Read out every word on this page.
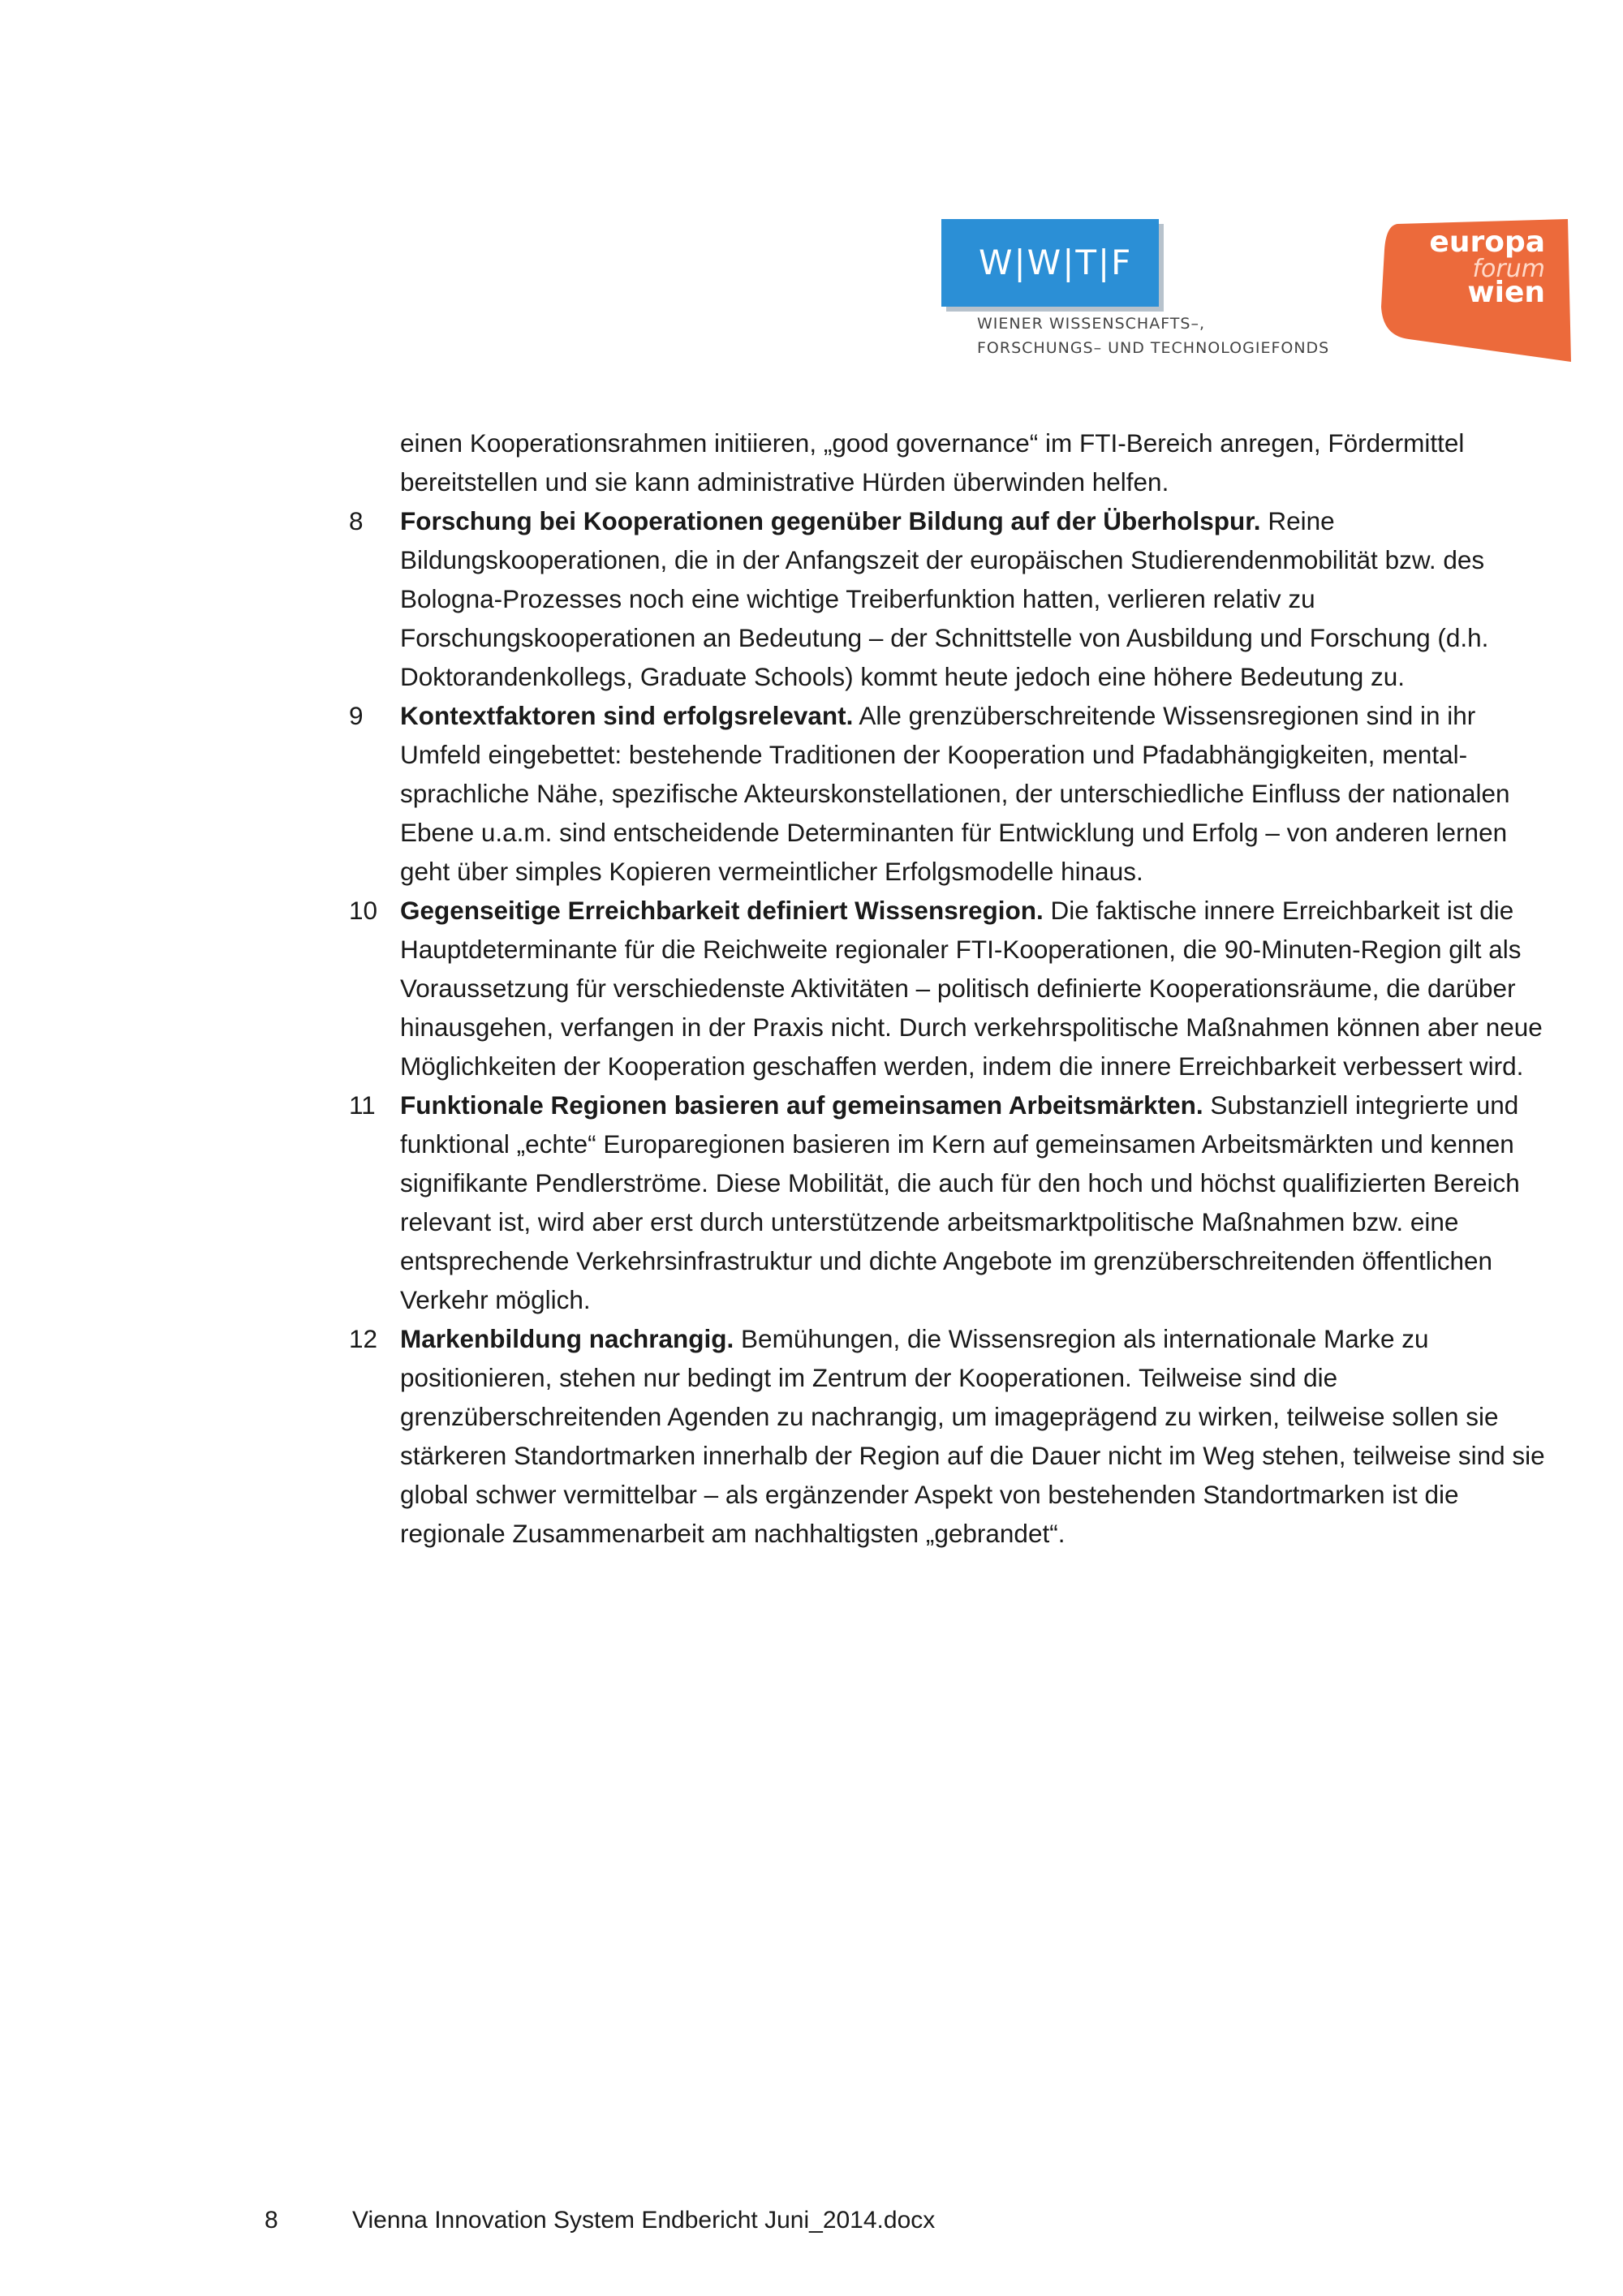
W|W|T|F
WIENER WISSENSCHAFTS–,
FORSCHUNGS– UND TECHNOLOGIEFONDS
europa
forum
wien

einen Kooperationsrahmen initiieren, „good governance“ im FTI-Bereich anregen, Fördermittel bereitstellen und sie kann administrative Hürden überwinden helfen.

8 Forschung bei Kooperationen gegenüber Bildung auf der Überholspur. Reine Bildungskooperationen, die in der Anfangszeit der europäischen Studierendenmobilität bzw. des Bologna-Prozesses noch eine wichtige Treiberfunktion hatten, verlieren relativ zu Forschungskooperationen an Bedeutung – der Schnittstelle von Ausbildung und Forschung (d.h. Doktorandenkollegs, Graduate Schools) kommt heute jedoch eine höhere Bedeutung zu.
9 Kontextfaktoren sind erfolgsrelevant. Alle grenzüberschreitende Wissensregionen sind in ihr Umfeld eingebettet: bestehende Traditionen der Kooperation und Pfadabhängigkeiten, mental-sprachliche Nähe, spezifische Akteurskonstellationen, der unterschiedliche Einfluss der nationalen Ebene u.a.m. sind entscheidende Determinanten für Entwicklung und Erfolg – von anderen lernen geht über simples Kopieren vermeintlicher Erfolgsmodelle hinaus.
10 Gegenseitige Erreichbarkeit definiert Wissensregion. Die faktische innere Erreichbarkeit ist die Hauptdeterminante für die Reichweite regionaler FTI-Kooperationen, die 90-Minuten-Region gilt als Voraussetzung für verschiedenste Aktivitäten – politisch definierte Kooperationsräume, die darüber hinausgehen, verfangen in der Praxis nicht. Durch verkehrspolitische Maßnahmen können aber neue Möglichkeiten der Kooperation geschaffen werden, indem die innere Erreichbarkeit verbessert wird.
11 Funktionale Regionen basieren auf gemeinsamen Arbeitsmärkten. Substanziell integrierte und funktional „echte“ Europaregionen basieren im Kern auf gemeinsamen Arbeitsmärkten und kennen signifikante Pendlerströme. Diese Mobilität, die auch für den hoch und höchst qualifizierten Bereich relevant ist, wird aber erst durch unterstützende arbeitsmarktpolitische Maßnahmen bzw. eine entsprechende Verkehrsinfrastruktur und dichte Angebote im grenzüberschreitenden öffentlichen Verkehr möglich.
12 Markenbildung nachrangig. Bemühungen, die Wissensregion als internationale Marke zu positionieren, stehen nur bedingt im Zentrum der Kooperationen. Teilweise sind die grenzüberschreitenden Agenden zu nachrangig, um imageprägend zu wirken, teilweise sollen sie stärkeren Standortmarken innerhalb der Region auf die Dauer nicht im Weg stehen, teilweise sind sie global schwer vermittelbar – als ergänzender Aspekt von bestehenden Standortmarken ist die regionale Zusammenarbeit am nachhaltigsten „gebrandet“.
8	Vienna Innovation System Endbericht Juni_2014.docx
